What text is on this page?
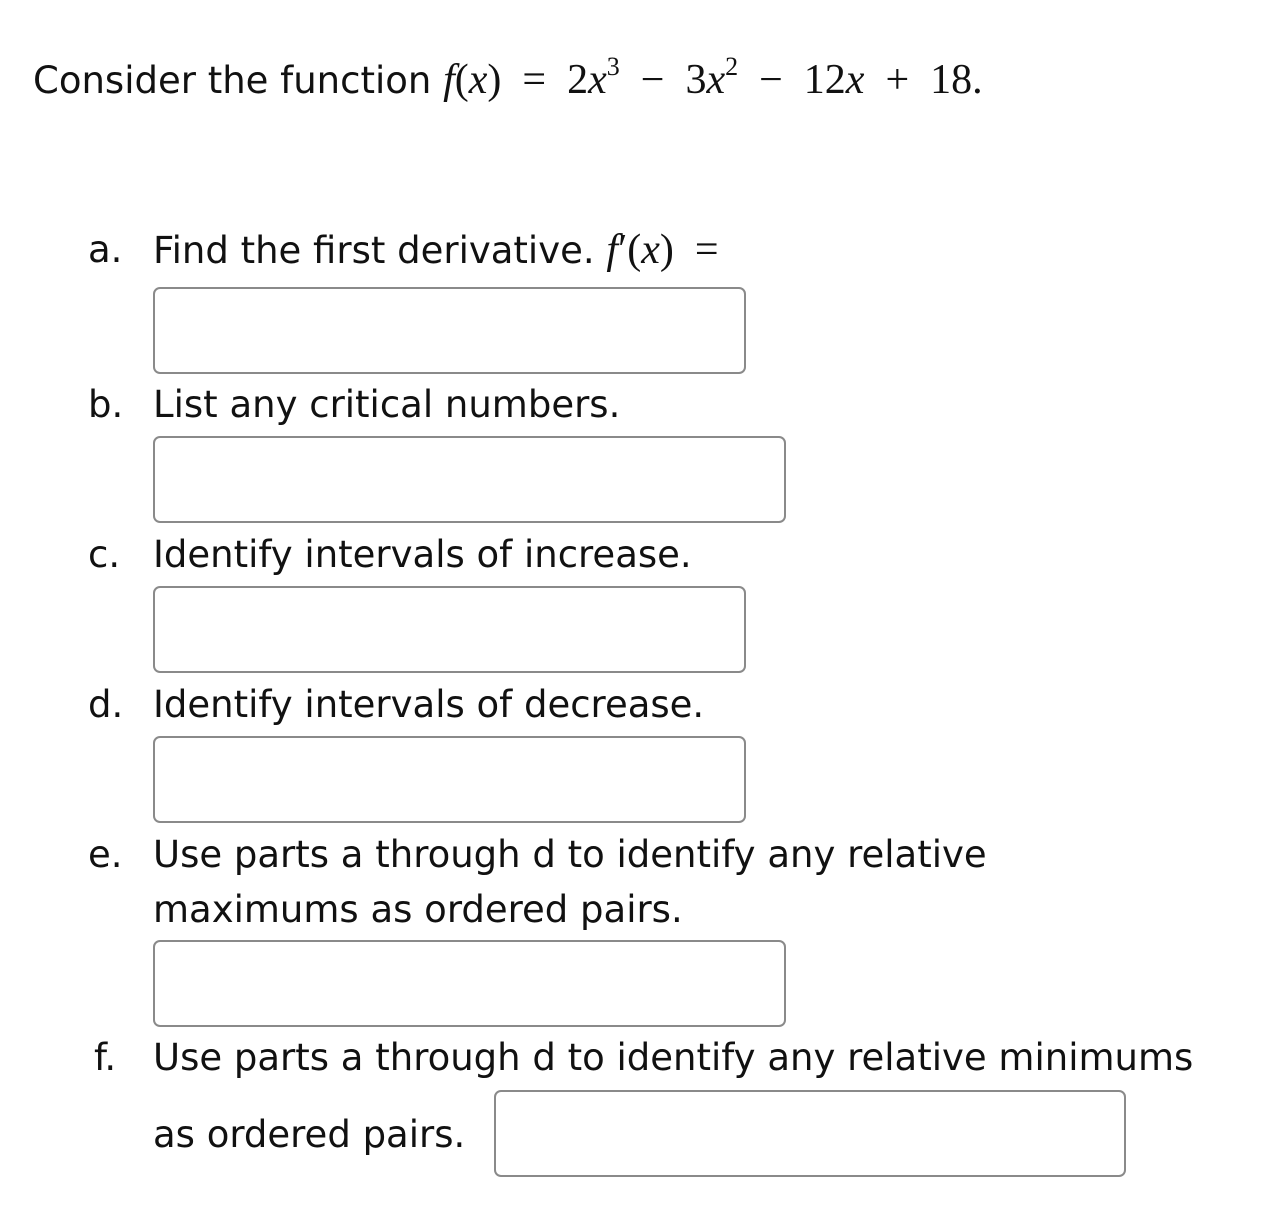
Consider the function $f(x) = 2x^3 - 3x^2 - 12x + 18$.
a. Find the first derivative. f′(x) =
b. List any critical numbers.
c. Identify intervals of increase.
d. Identify intervals of decrease.
e. Use parts a through d to identify any relative
maximums as ordered pairs.
f. Use parts a through d to identify any relative minimums
as ordered pairs.
